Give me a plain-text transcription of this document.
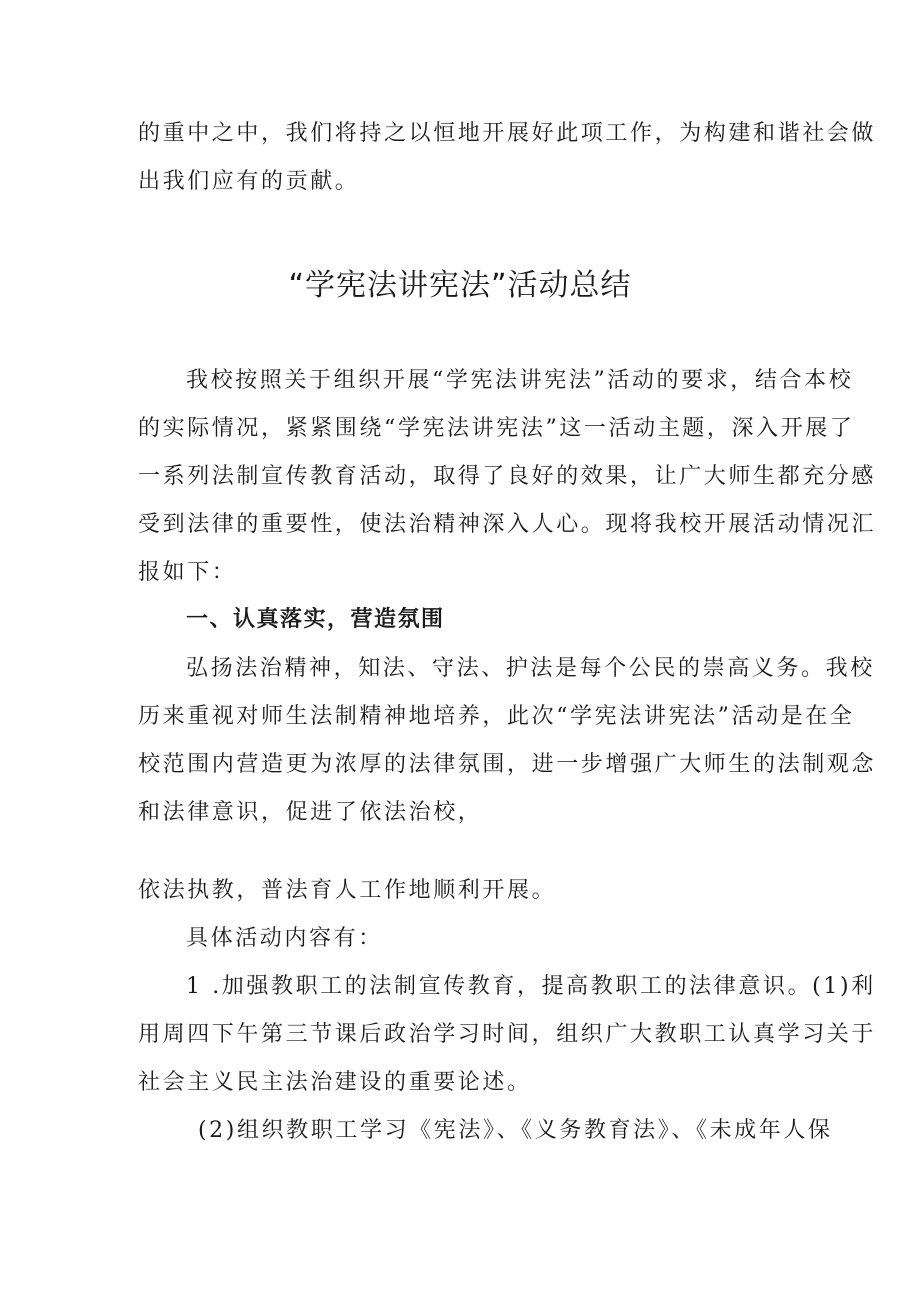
的重中之中，我们将持之以恒地开展好此项工作，为构建和谐社会做
出我们应有的贡献。
“学宪法讲宪法”活动总结
我校按照关于组织开展“学宪法讲宪法”活动的要求，结合本校
的实际情况，紧紧围绕“学宪法讲宪法”这一活动主题，深入开展了
一系列法制宣传教育活动，取得了良好的效果，让广大师生都充分感
受到法律的重要性，使法治精神深入人心。现将我校开展活动情况汇
报如下：
一、认真落实，营造氛围
弘扬法治精神，知法、守法、护法是每个公民的崇高义务。我校
历来重视对师生法制精神地培养，此次“学宪法讲宪法”活动是在全
校范围内营造更为浓厚的法律氛围，进一步增强广大师生的法制观念
和法律意识，促进了依法治校，
依法执教，普法育人工作地顺利开展。
具体活动内容有：
1 .加强教职工的法制宣传教育，提高教职工的法律意识。(1)利
用周四下午第三节课后政治学习时间，组织广大教职工认真学习关于
社会主义民主法治建设的重要论述。
(2)组织教职工学习《宪法》、《义务教育法》、《未成年人保
